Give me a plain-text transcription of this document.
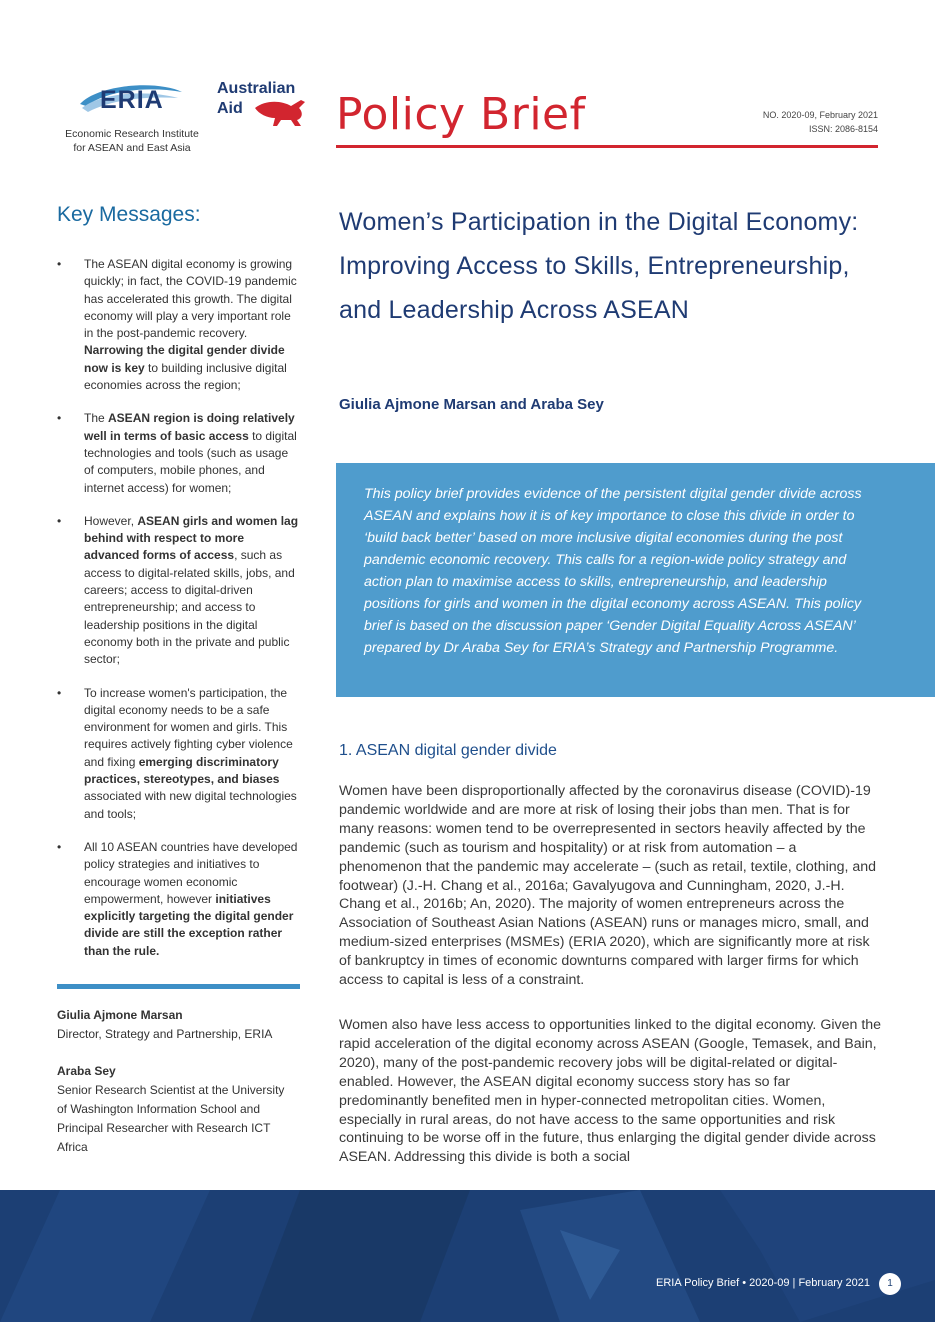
ERIA
Economic Research Institute
for ASEAN and East Asia
Australian
Aid Policy Brief	NO. 2020-09, February 2021
ISSN: 2086-8154
Key Messages:
• The ASEAN digital economy is growing quickly; in fact, the COVID-19 pandemic has accelerated this growth. The digital economy will play a very important role in the post-pandemic recovery. Narrowing the digital gender divide now is key to building inclusive digital economies across the region;
• The ASEAN region is doing relatively well in terms of basic access to digital technologies and tools (such as usage of computers, mobile phones, and internet access) for women;
• However, ASEAN girls and women lag behind with respect to more advanced forms of access, such as access to digital-related skills, jobs, and careers; access to digital-driven entrepreneurship; and access to leadership positions in the digital economy both in the private and public sector;
• To increase women's participation, the digital economy needs to be a safe environment for women and girls. This requires actively fighting cyber violence and fixing emerging discriminatory practices, stereotypes, and biases associated with new digital technologies and tools;
• All 10 ASEAN countries have developed policy strategies and initiatives to encourage women economic empowerment, however initiatives explicitly targeting the digital gender divide are still the exception rather than the rule.
Giulia Ajmone Marsan
Director, Strategy and Partnership, ERIA
Araba Sey
Senior Research Scientist at the University of Washington Information School and Principal Researcher with Research ICT Africa
Women’s Participation in the Digital Economy: Improving Access to Skills, Entrepreneurship, and Leadership Across ASEAN
Giulia Ajmone Marsan and Araba Sey

This policy brief provides evidence of the persistent digital gender divide across ASEAN and explains how it is of key importance to close this divide in order to ‘build back better’ based on more inclusive digital economies during the post pandemic economic recovery. This calls for a region-wide policy strategy and action plan to maximise access to skills, entrepreneurship, and leadership positions for girls and women in the digital economy across ASEAN. This policy brief is based on the discussion paper ‘Gender Digital Equality Across ASEAN’ prepared by Dr Araba Sey for ERIA’s Strategy and Partnership Programme.

1. ASEAN digital gender divide
Women have been disproportionally affected by the coronavirus disease (COVID)-19 pandemic worldwide and are more at risk of losing their jobs than men. That is for many reasons: women tend to be overrepresented in sectors heavily affected by the pandemic (such as tourism and hospitality) or at risk from automation – a phenomenon that the pandemic may accelerate – (such as retail, textile, clothing, and footwear) (J.-H. Chang et al., 2016a; Gavalyugova and Cunningham, 2020, J.-H. Chang et al., 2016b; An, 2020). The majority of women entrepreneurs across the Association of Southeast Asian Nations (ASEAN) runs or manages micro, small, and medium-sized enterprises (MSMEs) (ERIA 2020), which are significantly more at risk of bankruptcy in times of economic downturns compared with larger firms for which access to capital is less of a constraint.
Women also have less access to opportunities linked to the digital economy. Given the rapid acceleration of the digital economy across ASEAN (Google, Temasek, and Bain, 2020), many of the post-pandemic recovery jobs will be digital-related or digital-enabled. However, the ASEAN digital economy success story has so far predominantly benefited men in hyper-connected metropolitan cities. Women, especially in rural areas, do not have access to the same opportunities and risk continuing to be worse off in the future, thus enlarging the digital gender divide across ASEAN. Addressing this divide is both a social
ERIA Policy Brief • 2020-09 | February 2021	1
